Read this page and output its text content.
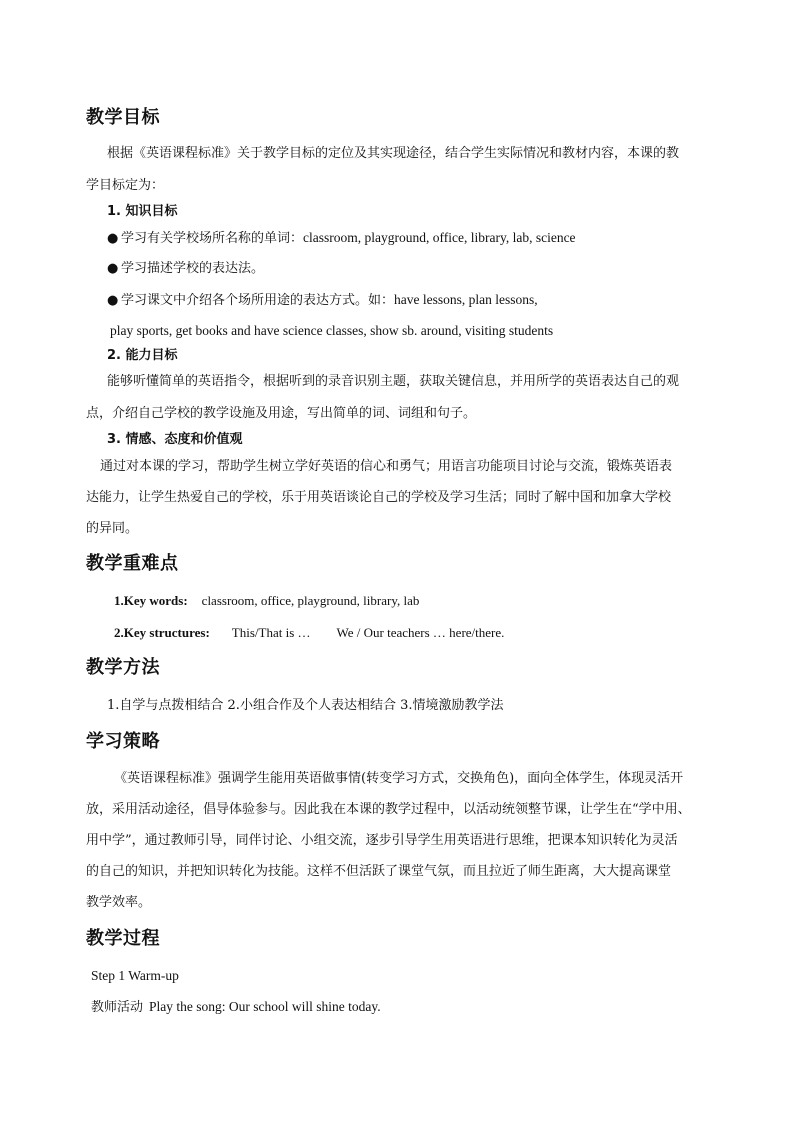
教学目标
根据《英语课程标准》关于教学目标的定位及其实现途径，结合学生实际情况和教材内容，本课的教
学目标定为：
1. 知识目标
● 学习有关学校场所名称的单词：classroom, playground, office, library, lab, science
● 学习描述学校的表达法。
● 学习课文中介绍各个场所用途的表达方式。如：have lessons, plan lessons,
play sports, get books and have science classes, show sb. around, visiting students
2. 能力目标
能够听懂简单的英语指令，根据听到的录音识别主题，获取关键信息，并用所学的英语表达自己的观
点，介绍自己学校的教学设施及用途，写出简单的词、词组和句子。
3. 情感、态度和价值观
通过对本课的学习，帮助学生树立学好英语的信心和勇气；用语言功能项目讨论与交流，锻炼英语表
达能力，让学生热爱自己的学校，乐于用英语谈论自己的学校及学习生活；同时了解中国和加拿大学校
的异同。
教学重难点
1.Key words: classroom, office, playground, library, lab
2.Key structures: This/That is … We / Our teachers … here/there.
教学方法
1.自学与点拨相结合 2.小组合作及个人表达相结合 3.情境激励教学法
学习策略
《英语课程标准》强调学生能用英语做事情(转变学习方式，交换角色)，面向全体学生，体现灵活开
放，采用活动途径，倡导体验参与。因此我在本课的教学过程中，以活动统领整节课，让学生在“学中用、
用中学”，通过教师引导，同伴讨论、小组交流，逐步引导学生用英语进行思维，把课本知识转化为灵活
的自己的知识，并把知识转化为技能。这样不但活跃了课堂气氛，而且拉近了师生距离，大大提高课堂
教学效率。
教学过程
Step 1 Warm-up
教师活动 Play the song: Our school will shine today.
